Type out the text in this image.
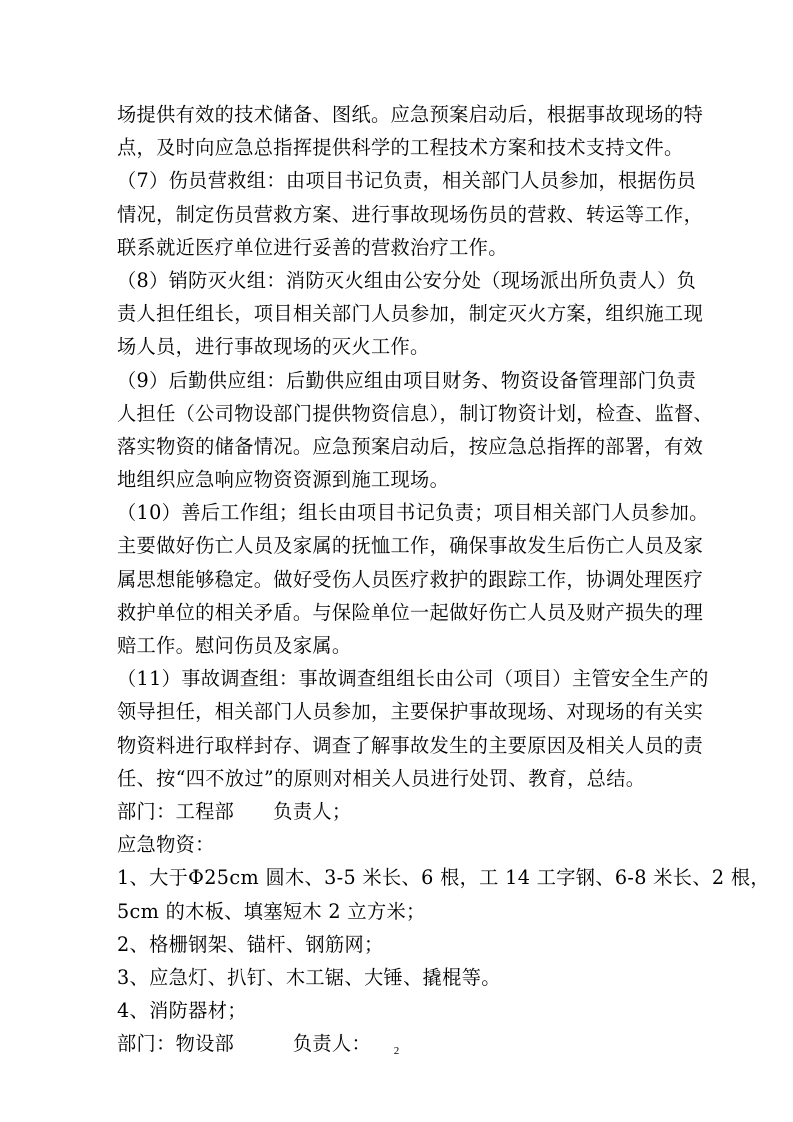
场提供有效的技术储备、图纸。应急预案启动后，根据事故现场的特
点，及时向应急总指挥提供科学的工程技术方案和技术支持文件。
（7）伤员营救组：由项目书记负责，相关部门人员参加，根据伤员
情况，制定伤员营救方案、进行事故现场伤员的营救、转运等工作，
联系就近医疗单位进行妥善的营救治疗工作。
（8）销防灭火组：消防灭火组由公安分处（现场派出所负责人）负
责人担任组长，项目相关部门人员参加，制定灭火方案，组织施工现
场人员，进行事故现场的灭火工作。
（9）后勤供应组：后勤供应组由项目财务、物资设备管理部门负责
人担任（公司物设部门提供物资信息），制订物资计划，检查、监督、
落实物资的储备情况。应急预案启动后，按应急总指挥的部署，有效
地组织应急响应物资资源到施工现场。
（10）善后工作组；组长由项目书记负责；项目相关部门人员参加。
主要做好伤亡人员及家属的抚恤工作，确保事故发生后伤亡人员及家
属思想能够稳定。做好受伤人员医疗救护的跟踪工作，协调处理医疗
救护单位的相关矛盾。与保险单位一起做好伤亡人员及财产损失的理
赔工作。慰问伤员及家属。
（11）事故调查组：事故调查组组长由公司（项目）主管安全生产的
领导担任，相关部门人员参加，主要保护事故现场、对现场的有关实
物资料进行取样封存、调查了解事故发生的主要原因及相关人员的责
任、按“四不放过”的原则对相关人员进行处罚、教育，总结。
部门：工程部　　负责人；
应急物资：
1、大于Φ25cm 圆木、3-5 米长、6 根，工 14 工字钢、6-8 米长、2 根，
5cm 的木板、填塞短木 2 立方米；
2、格栅钢架、锚杆、钢筋网；
3、应急灯、扒钉、木工锯、大锤、撬棍等。
4、消防器材；
部门：物设部　　　负责人：	2
